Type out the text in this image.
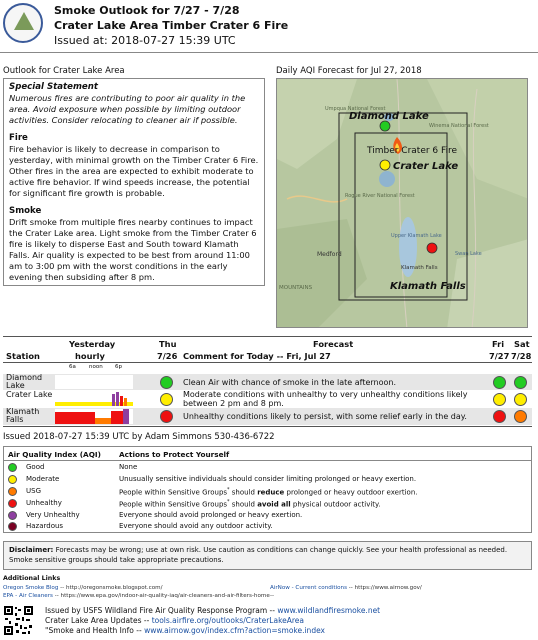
Smoke Outlook for 7/27 - 7/28
Crater Lake Area Timber Crater 6 Fire
Issued at: 2018-07-27 15:39 UTC
Outlook for Crater Lake Area
Special Statement

Numerous fires are contributing to poor air quality in the area. Avoid exposure when possible by limiting outdoor activities. Consider relocating to cleaner air if possible.

Fire

Fire behavior is likely to decrease in comparison to yesterday, with minimal growth on the Timber Crater 6 Fire. Other fires in the area are expected to exhibit moderate to active fire behavior. If wind speeds increase, the potential for significant fire growth is probable.

Smoke

Drift smoke from multiple fires nearby continues to impact the Crater Lake area. Light smoke from the Timber Crater 6 fire is likely to disperse East and South toward Klamath Falls. Air quality is expected to be best from around 11:00 am to 3:00 pm with the worst conditions in the early evening then subsiding after 8 pm.

Daily AQI Forecast for Jul 27, 2018
Diamond Lake
Timber Crater 6 Fire
Crater Lake
Klamath Falls
Umpqua National Forest
Winema National Forest
Rogue River National Forest
Upper Klamath Lake
Medford
Klamath Falls
MOUNTAINS
Swan Lake
Yesterday
hourly
Thu
7/26
Forecast
Comment for Today -- Fri, Jul 27
Station
Fri
7/27
Sat
7/28
6a noon 6p
Diamond Lake	Clean Air with chance of smoke in the late afternoon.
Crater Lake	Moderate conditions with unhealthy to very unhealthy conditions likely between 2 pm and 8 pm.
Klamath Falls	Unhealthy conditions likely to persist, with some relief early in the day.
Issued 2018-07-27 15:39 UTC by Adam Simmons 530-436-6722
Air Quality Index (AQI) Actions to Protect Yourself
Good	None
Moderate	Unusually sensitive individuals should consider limiting prolonged or heavy exertion.
USG	People within Sensitive Groups* should reduce prolonged or heavy outdoor exertion.
Unhealthy	People within Sensitive Groups* should avoid all physical outdoor activity.
Very Unhealthy	Everyone should avoid prolonged or heavy exertion.
Hazardous	Everyone should avoid any outdoor activity.
Disclaimer: Forecasts may be wrong; use at own risk. Use caution as conditions can change quickly. See your health professional as needed. Smoke sensitive groups should take appropriate precautions.
Additional Links
Oregon Smoke Blog -- http://oregonsmoke.blogspot.com/	AirNow - Current conditions -- https://www.airnow.gov/
EPA - Air Cleaners -- https://www.epa.gov/indoor-air-quality-iaq/air-cleaners-and-air-filters-home --
Issued by USFS Wildland Fire Air Quality Response Program -- www.wildlandfiresmoke.net
Crater Lake Area Updates -- tools.airfire.org/outlooks/CraterLakeArea
"Smoke and Health Info -- www.airnow.gov/index.cfm?action=smoke.index
